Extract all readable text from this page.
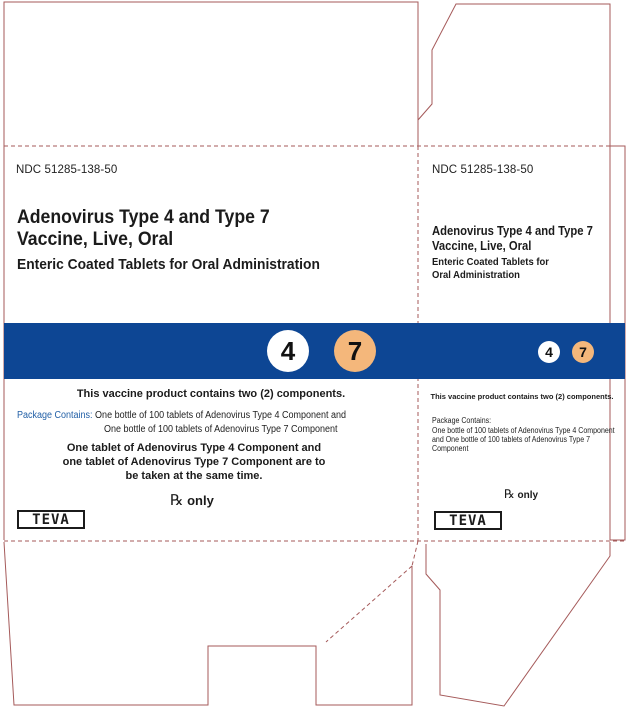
NDC 51285-138-50
Adenovirus Type 4 and Type 7
Vaccine, Live, Oral
Enteric Coated Tablets for Oral Administration
4	7
This vaccine product contains two (2) components.
Package Contains: One bottle of 100 tablets of Adenovirus Type 4 Component and
One bottle of 100 tablets of Adenovirus Type 7 Component
One tablet of Adenovirus Type 4 Component and
one tablet of Adenovirus Type 7 Component are to
be taken at the same time.
℞ only
TEVA
NDC 51285-138-50
Adenovirus Type 4 and Type 7
Vaccine, Live, Oral
Enteric Coated Tablets for
Oral Administration
4	7
This vaccine product contains two (2) components.
Package Contains:
One bottle of 100 tablets of Adenovirus Type 4 Component
and One bottle of 100 tablets of Adenovirus Type 7
Component
℞ only
TEVA
